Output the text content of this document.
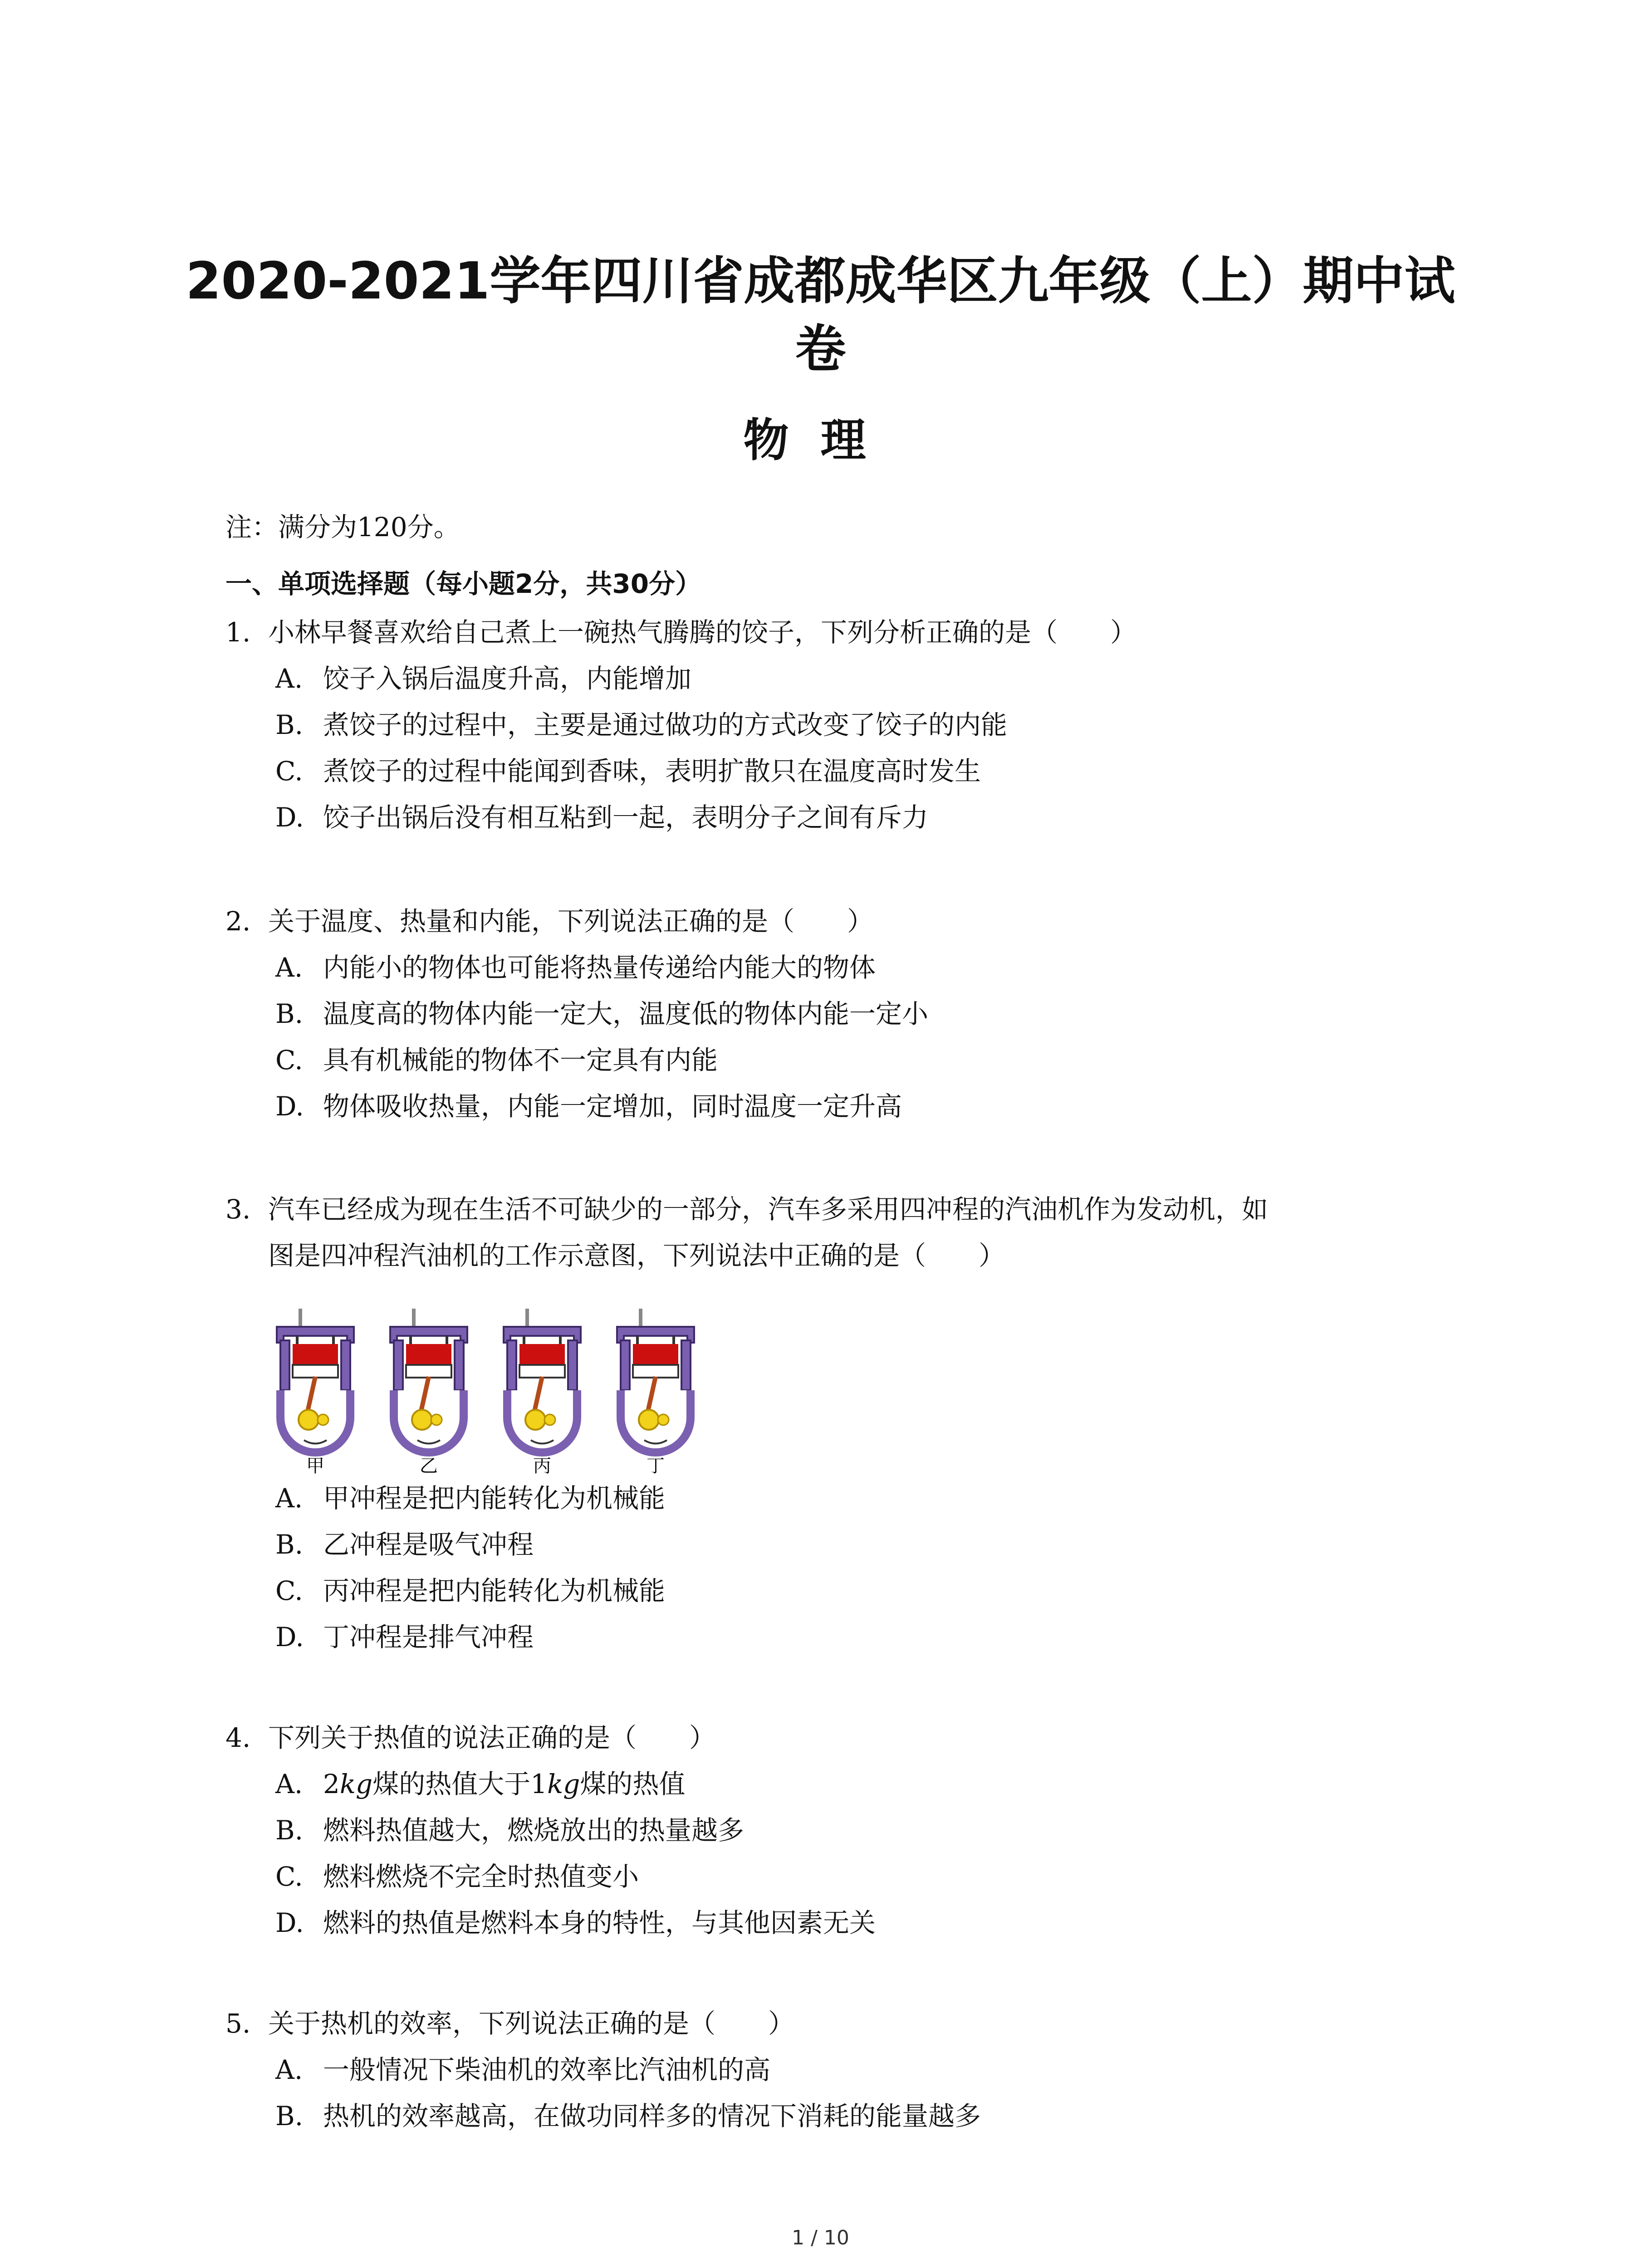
2020-2021学年四川省成都成华区九年级（上）期中试
卷
物理
注：满分为120分。
一、单项选择题（每小题2分，共30分）
1. 小林早餐喜欢给自己煮上一碗热气腾腾的饺子，下列分析正确的是（　　）
A. 饺子入锅后温度升高，内能增加
B. 煮饺子的过程中，主要是通过做功的方式改变了饺子的内能
C. 煮饺子的过程中能闻到香味，表明扩散只在温度高时发生
D. 饺子出锅后没有相互粘到一起，表明分子之间有斥力
2. 关于温度、热量和内能，下列说法正确的是（　　）
A. 内能小的物体也可能将热量传递给内能大的物体
B. 温度高的物体内能一定大，温度低的物体内能一定小
C. 具有机械能的物体不一定具有内能
D. 物体吸收热量，内能一定增加，同时温度一定升高
3. 汽车已经成为现在生活不可缺少的一部分，汽车多采用四冲程的汽油机作为发动机，如
图是四冲程汽油机的工作示意图，下列说法中正确的是（　　）
甲	乙	丙	丁
A. 甲冲程是把内能转化为机械能
B. 乙冲程是吸气冲程
C. 丙冲程是把内能转化为机械能
D. 丁冲程是排气冲程
4. 下列关于热值的说法正确的是（　　）
A. 2kg煤的热值大于1kg煤的热值
B. 燃料热值越大，燃烧放出的热量越多
C. 燃料燃烧不完全时热值变小
D. 燃料的热值是燃料本身的特性，与其他因素无关
5. 关于热机的效率，下列说法正确的是（　　）
A. 一般情况下柴油机的效率比汽油机的高
B. 热机的效率越高，在做功同样多的情况下消耗的能量越多
1 / 10
